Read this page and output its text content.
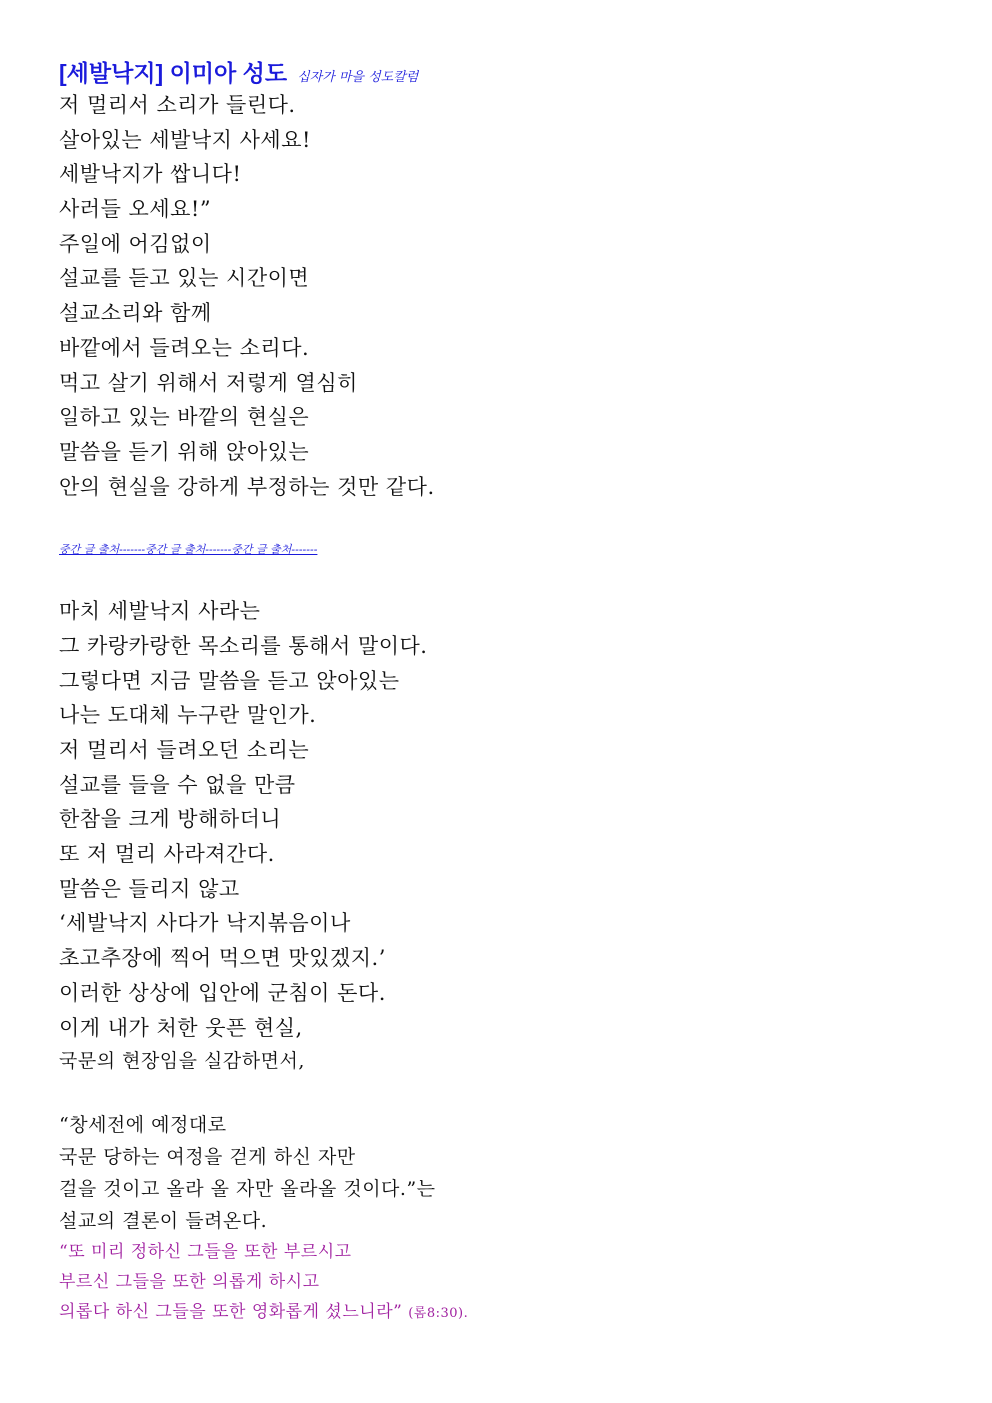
[세발낙지] 이미아 성도 십자가 마을 성도칼럼
저 멀리서 소리가 들린다.
살아있는 세발낙지 사세요!
세발낙지가 쌉니다!
사러들 오세요!”
주일에 어김없이
설교를 듣고 있는 시간이면
설교소리와 함께
바깥에서 들려오는 소리다.
먹고 살기 위해서 저렇게 열심히
일하고 있는 바깥의 현실은
말씀을 듣기 위해 앉아있는
안의 현실을 강하게 부정하는 것만 같다.
중간 글 출처-------중간 글 출처-------중간 글 출처-------
마치 세발낙지 사라는
그 카랑카랑한 목소리를 통해서 말이다.
그렇다면 지금 말씀을 듣고 앉아있는
나는 도대체 누구란 말인가.
저 멀리서 들려오던 소리는
설교를 들을 수 없을 만큼
한참을 크게 방해하더니
또 저 멀리 사라져간다.
말씀은 들리지 않고
‘세발낙지 사다가 낙지볶음이나
초고추장에 찍어 먹으면 맛있겠지.’
이러한 상상에 입안에 군침이 돈다.
이게 내가 처한 웃픈 현실,
국문의 현장임을 실감하면서,
“창세전에 예정대로
국문 당하는 여정을 걷게 하신 자만
걸을 것이고 올라 올 자만 올라올 것이다.”는
설교의 결론이 들려온다.
“또 미리 정하신 그들을 또한 부르시고
부르신 그들을 또한 의롭게 하시고
의롭다 하신 그들을 또한 영화롭게 셨느니라” (롬8:30).
